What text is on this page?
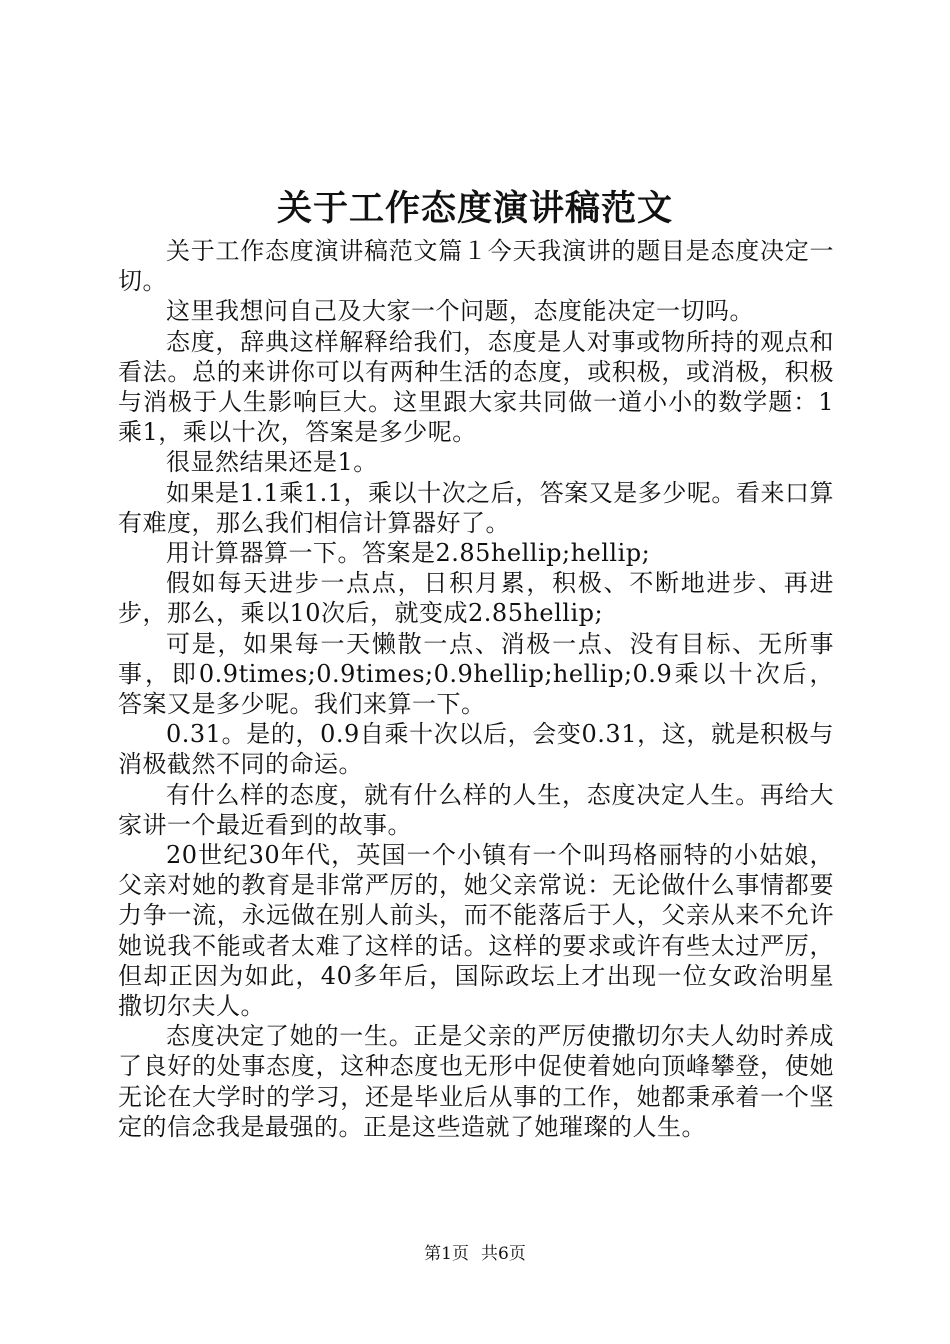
关于工作态度演讲稿范文

关于工作态度演讲稿范文篇１今天我演讲的题目是态度决定一切。

这里我想问自己及大家一个问题，态度能决定一切吗。

态度，辞典这样解释给我们，态度是人对事或物所持的观点和看法。总的来讲你可以有两种生活的态度，或积极，或消极，积极与消极于人生影响巨大。这里跟大家共同做一道小小的数学题：1乘1，乘以十次，答案是多少呢。

很显然结果还是1。

如果是1.1乘1.1，乘以十次之后，答案又是多少呢。看来口算有难度，那么我们相信计算器好了。

用计算器算一下。答案是2.85hellip;hellip;

假如每天进步一点点，日积月累，积极、不断地进步、再进步，那么，乘以10次后，就变成2.85hellip;

可是，如果每一天懒散一点、消极一点、没有目标、无所事事，即0.9times;0.9times;0.9hellip;hellip;0.9乘以十次后，答案又是多少呢。我们来算一下。

0.31。是的，0.9自乘十次以后，会变0.31，这，就是积极与消极截然不同的命运。

有什么样的态度，就有什么样的人生，态度决定人生。再给大家讲一个最近看到的故事。

20世纪30年代，英国一个小镇有一个叫玛格丽特的小姑娘，父亲对她的教育是非常严厉的，她父亲常说：无论做什么事情都要力争一流，永远做在别人前头，而不能落后于人，父亲从来不允许她说我不能或者太难了这样的话。这样的要求或许有些太过严厉，但却正因为如此，40多年后，国际政坛上才出现一位女政治明星撒切尔夫人。

态度决定了她的一生。正是父亲的严厉使撒切尔夫人幼时养成了良好的处事态度，这种态度也无形中促使着她向顶峰攀登，使她无论在大学时的学习，还是毕业后从事的工作，她都秉承着一个坚定的信念我是最强的。正是这些造就了她璀璨的人生。

第1页 共6页
